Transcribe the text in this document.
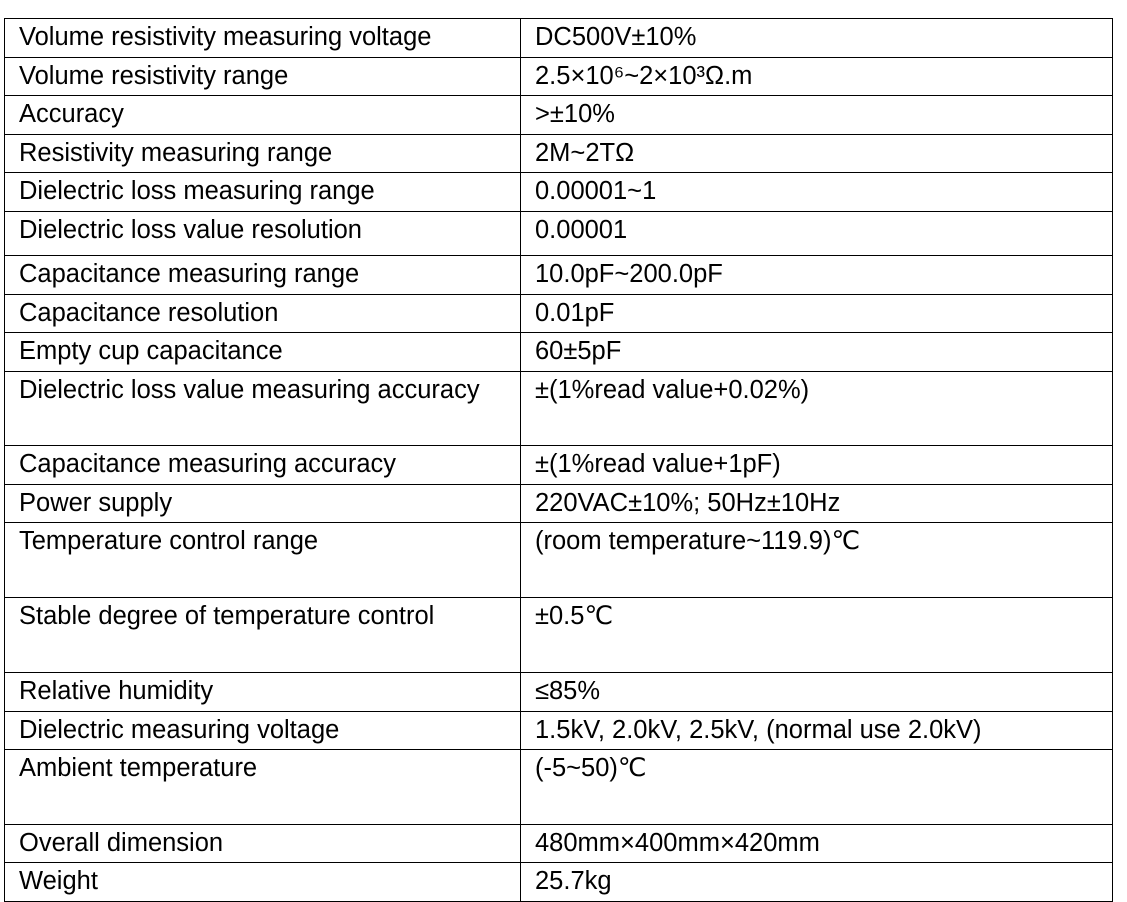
Volume resistivity measuring voltage	DC500V±10%
Volume resistivity range	2.5×10⁶~2×10³Ω.m
Accuracy	>±10%
Resistivity measuring range	2M~2TΩ
Dielectric loss measuring range	0.00001~1
Dielectric loss value resolution	0.00001
Capacitance measuring range	10.0pF~200.0pF
Capacitance resolution	0.01pF
Empty cup capacitance	60±5pF
Dielectric loss value measuring accuracy	±(1%read value+0.02%)
Capacitance measuring accuracy	±(1%read value+1pF)
Power supply	220VAC±10%; 50Hz±10Hz
Temperature control range	(room temperature~119.9)℃
Stable degree of temperature control	±0.5℃
Relative humidity	≤85%
Dielectric measuring voltage	1.5kV, 2.0kV, 2.5kV, (normal use 2.0kV)
Ambient temperature	(-5~50)℃
Overall dimension	480mm×400mm×420mm
Weight	25.7kg
